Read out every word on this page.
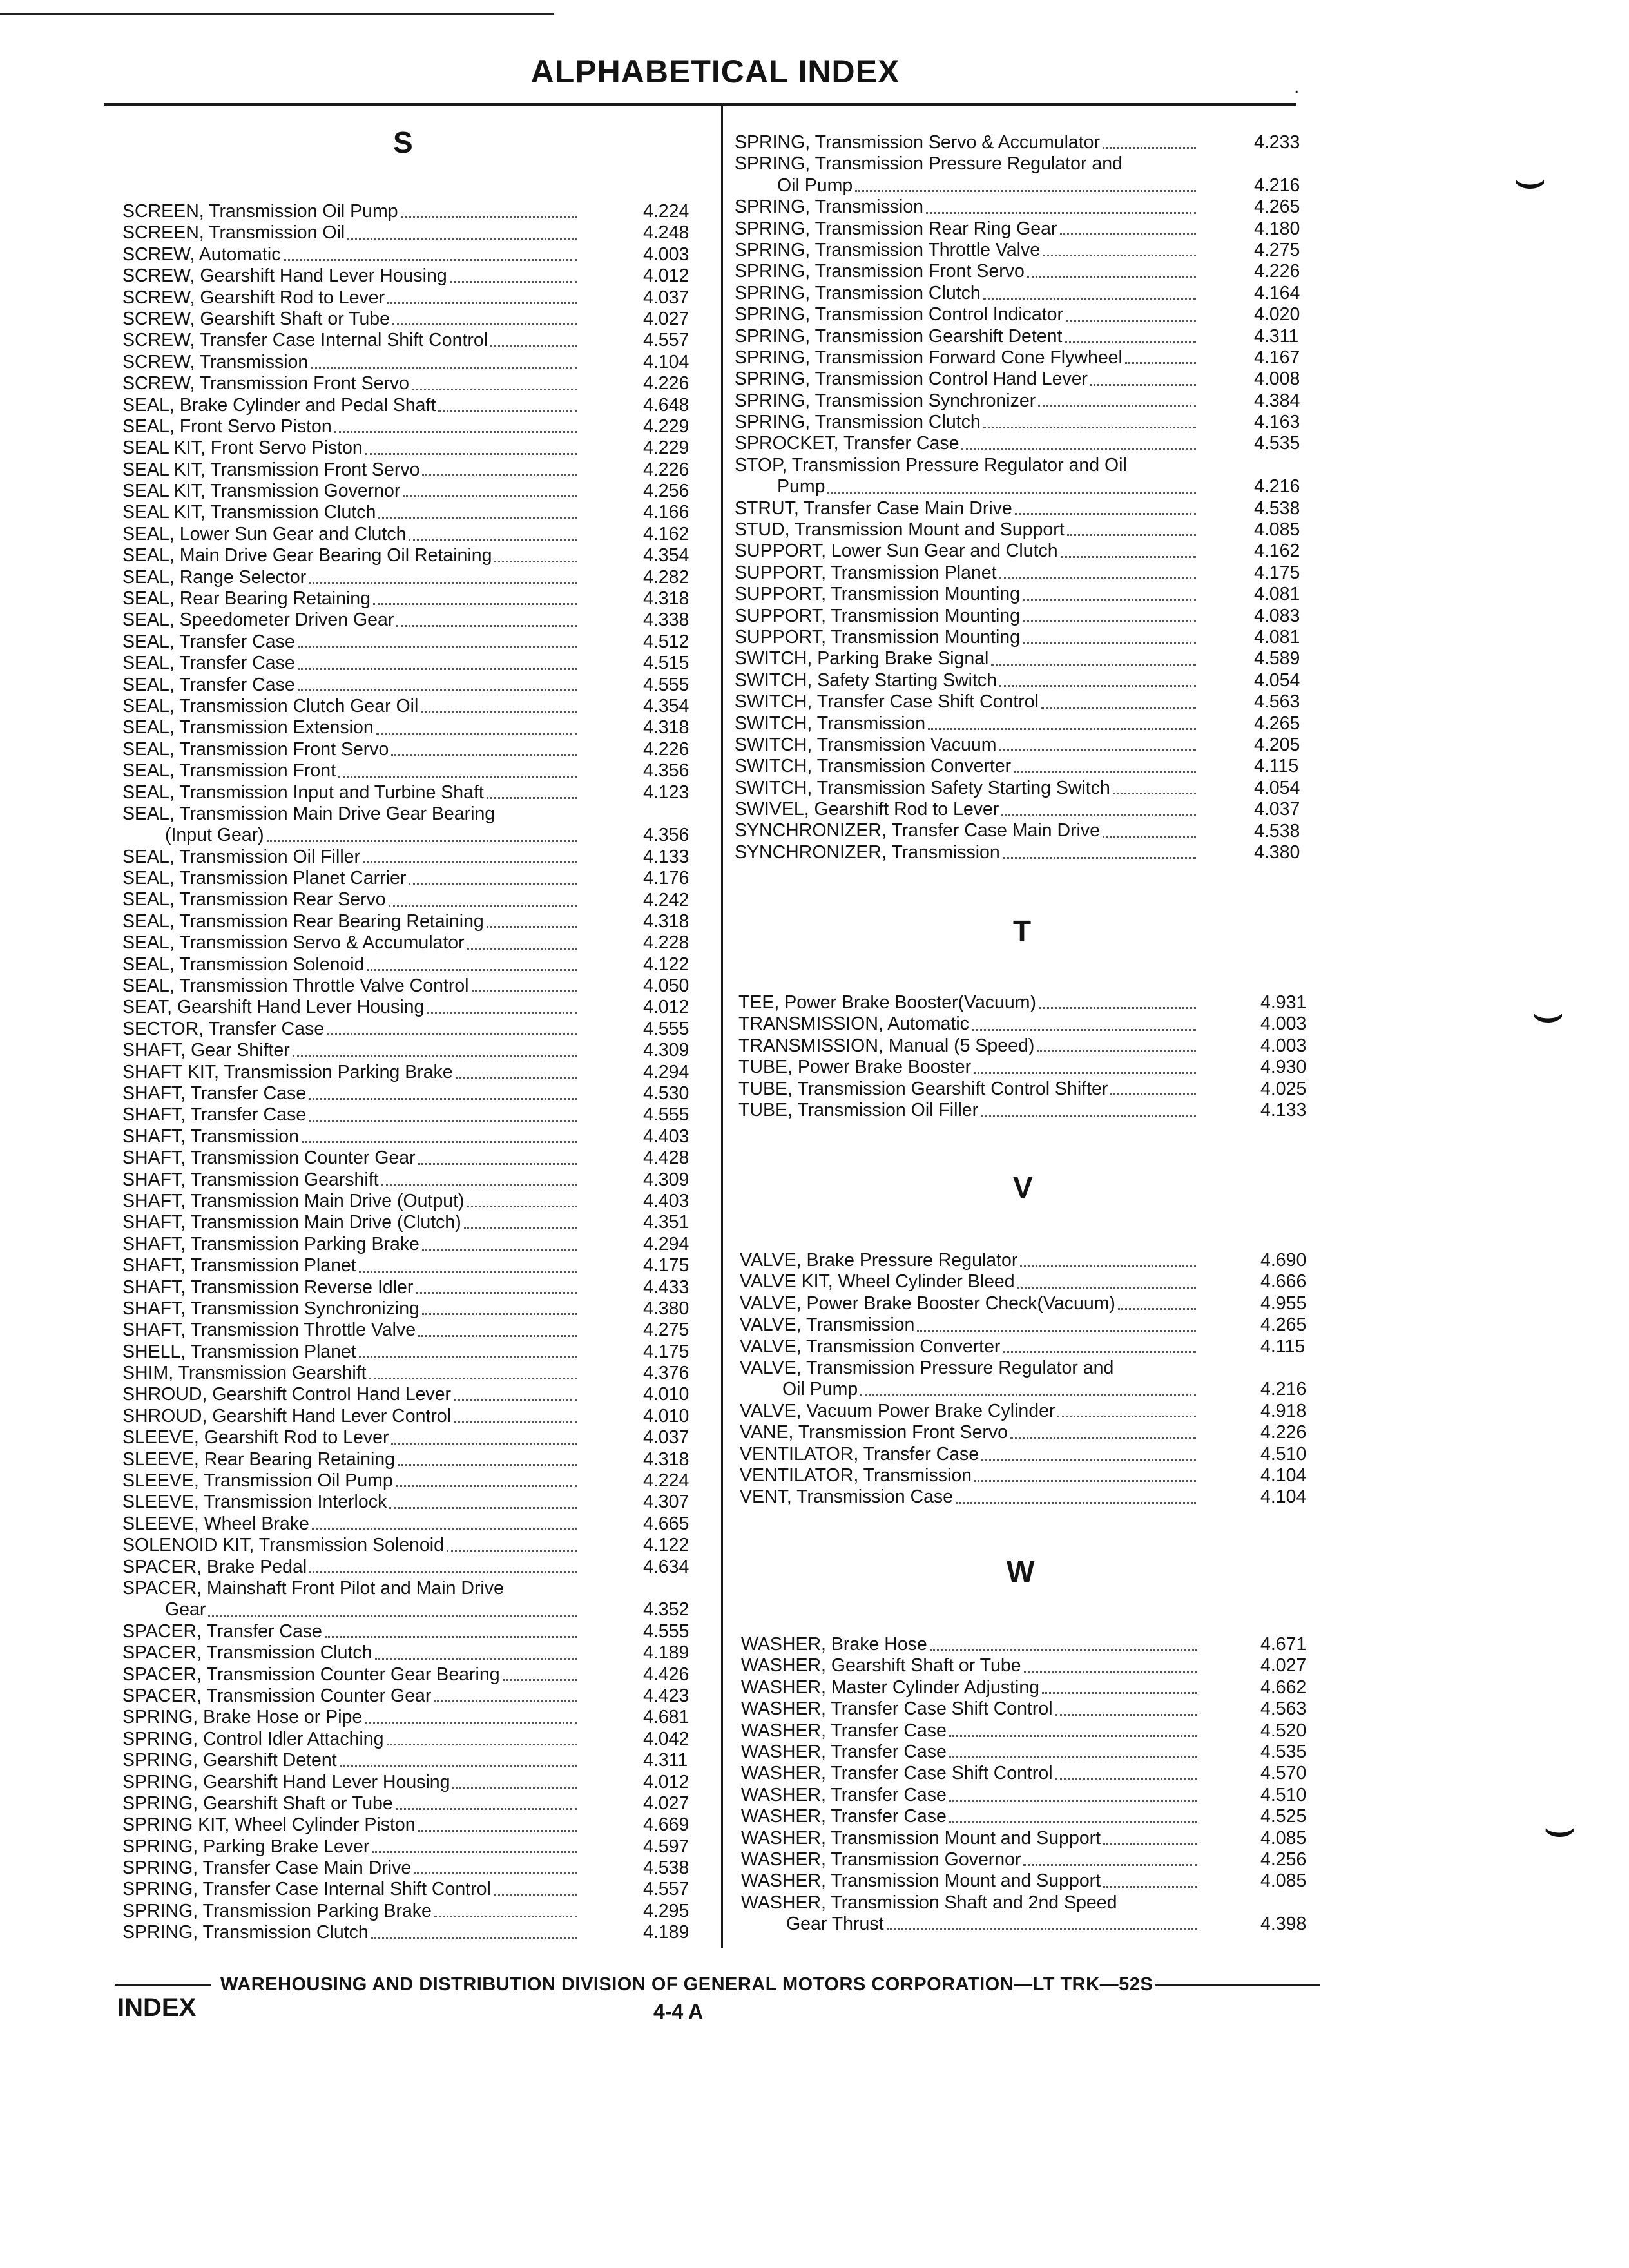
ALPHABETICAL INDEX	.
S
T
V
W
SCREEN, Transmission Oil Pump
SCREEN, Transmission Oil
SCREW, Automatic
SCREW, Gearshift Hand Lever Housing
SCREW, Gearshift Rod to Lever
SCREW, Gearshift Shaft or Tube
SCREW, Transfer Case Internal Shift Control
SCREW, Transmission
SCREW, Transmission Front Servo
SEAL, Brake Cylinder and Pedal Shaft
SEAL, Front Servo Piston
SEAL KIT, Front Servo Piston
SEAL KIT, Transmission Front Servo
SEAL KIT, Transmission Governor
SEAL KIT, Transmission Clutch
SEAL, Lower Sun Gear and Clutch
SEAL, Main Drive Gear Bearing Oil Retaining
SEAL, Range Selector
SEAL, Rear Bearing Retaining
SEAL, Speedometer Driven Gear
SEAL, Transfer Case
SEAL, Transfer Case
SEAL, Transfer Case
SEAL, Transmission Clutch Gear Oil
SEAL, Transmission Extension
SEAL, Transmission Front Servo
SEAL, Transmission Front
SEAL, Transmission Input and Turbine Shaft
SEAL, Transmission Main Drive Gear Bearing
(Input Gear)
SEAL, Transmission Oil Filler
SEAL, Transmission Planet Carrier
SEAL, Transmission Rear Servo
SEAL, Transmission Rear Bearing Retaining
SEAL, Transmission Servo & Accumulator
SEAL, Transmission Solenoid
SEAL, Transmission Throttle Valve Control
SEAT, Gearshift Hand Lever Housing
SECTOR, Transfer Case
SHAFT, Gear Shifter
SHAFT KIT, Transmission Parking Brake
SHAFT, Transfer Case
SHAFT, Transfer Case
SHAFT, Transmission
SHAFT, Transmission Counter Gear
SHAFT, Transmission Gearshift
SHAFT, Transmission Main Drive (Output)
SHAFT, Transmission Main Drive (Clutch)
SHAFT, Transmission Parking Brake
SHAFT, Transmission Planet
SHAFT, Transmission Reverse Idler
SHAFT, Transmission Synchronizing
SHAFT, Transmission Throttle Valve
SHELL, Transmission Planet
SHIM, Transmission Gearshift
SHROUD, Gearshift Control Hand Lever
SHROUD, Gearshift Hand Lever Control
SLEEVE, Gearshift Rod to Lever
SLEEVE, Rear Bearing Retaining
SLEEVE, Transmission Oil Pump
SLEEVE, Transmission Interlock
SLEEVE, Wheel Brake
SOLENOID KIT, Transmission Solenoid
SPACER, Brake Pedal
SPACER, Mainshaft Front Pilot and Main Drive
Gear
SPACER, Transfer Case
SPACER, Transmission Clutch
SPACER, Transmission Counter Gear Bearing
SPACER, Transmission Counter Gear
SPRING, Brake Hose or Pipe
SPRING, Control Idler Attaching
SPRING, Gearshift Detent
SPRING, Gearshift Hand Lever Housing
SPRING, Gearshift Shaft or Tube
SPRING KIT, Wheel Cylinder Piston
SPRING, Parking Brake Lever
SPRING, Transfer Case Main Drive
SPRING, Transfer Case Internal Shift Control
SPRING, Transmission Parking Brake
SPRING, Transmission Clutch
4.224
4.248
4.003
4.012
4.037
4.027
4.557
4.104
4.226
4.648
4.229
4.229
4.226
4.256
4.166
4.162
4.354
4.282
4.318
4.338
4.512
4.515
4.555
4.354
4.318
4.226
4.356
4.123
4.356
4.133
4.176
4.242
4.318
4.228
4.122
4.050
4.012
4.555
4.309
4.294
4.530
4.555
4.403
4.428
4.309
4.403
4.351
4.294
4.175
4.433
4.380
4.275
4.175
4.376
4.010
4.010
4.037
4.318
4.224
4.307
4.665
4.122
4.634
4.352
4.555
4.189
4.426
4.423
4.681
4.042
4.311
4.012
4.027
4.669
4.597
4.538
4.557
4.295
4.189
SPRING, Transmission Servo & Accumulator
SPRING, Transmission Pressure Regulator and
Oil Pump
SPRING, Transmission
SPRING, Transmission Rear Ring Gear
SPRING, Transmission Throttle Valve
SPRING, Transmission Front Servo
SPRING, Transmission Clutch
SPRING, Transmission Control Indicator
SPRING, Transmission Gearshift Detent
SPRING, Transmission Forward Cone Flywheel
SPRING, Transmission Control Hand Lever
SPRING, Transmission Synchronizer
SPRING, Transmission Clutch
SPROCKET, Transfer Case
STOP, Transmission Pressure Regulator and Oil
Pump
STRUT, Transfer Case Main Drive
STUD, Transmission Mount and Support
SUPPORT, Lower Sun Gear and Clutch
SUPPORT, Transmission Planet
SUPPORT, Transmission Mounting
SUPPORT, Transmission Mounting
SUPPORT, Transmission Mounting
SWITCH, Parking Brake Signal
SWITCH, Safety Starting Switch
SWITCH, Transfer Case Shift Control
SWITCH, Transmission
SWITCH, Transmission Vacuum
SWITCH, Transmission Converter
SWITCH, Transmission Safety Starting Switch
SWIVEL, Gearshift Rod to Lever
SYNCHRONIZER, Transfer Case Main Drive
SYNCHRONIZER, Transmission
4.233
4.216
4.265
4.180
4.275
4.226
4.164
4.020
4.311
4.167
4.008
4.384
4.163
4.535
4.216
4.538
4.085
4.162
4.175
4.081
4.083
4.081
4.589
4.054
4.563
4.265
4.205
4.115
4.054
4.037
4.538
4.380
TEE, Power Brake Booster(Vacuum)
TRANSMISSION, Automatic
TRANSMISSION, Manual (5 Speed)
TUBE, Power Brake Booster
TUBE, Transmission Gearshift Control Shifter
TUBE, Transmission Oil Filler
4.931
4.003
4.003
4.930
4.025
4.133
VALVE, Brake Pressure Regulator
VALVE KIT, Wheel Cylinder Bleed
VALVE, Power Brake Booster Check(Vacuum)
VALVE, Transmission
VALVE, Transmission Converter
VALVE, Transmission Pressure Regulator and
Oil Pump
VALVE, Vacuum Power Brake Cylinder
VANE, Transmission Front Servo
VENTILATOR, Transfer Case
VENTILATOR, Transmission
VENT, Transmission Case
4.690
4.666
4.955
4.265
4.115
4.216
4.918
4.226
4.510
4.104
4.104
WASHER, Brake Hose
WASHER, Gearshift Shaft or Tube
WASHER, Master Cylinder Adjusting
WASHER, Transfer Case Shift Control
WASHER, Transfer Case
WASHER, Transfer Case
WASHER, Transfer Case Shift Control
WASHER, Transfer Case
WASHER, Transfer Case
WASHER, Transmission Mount and Support
WASHER, Transmission Governor
WASHER, Transmission Mount and Support
WASHER, Transmission Shaft and 2nd Speed
Gear Thrust
4.671
4.027
4.662
4.563
4.520
4.535
4.570
4.510
4.525
4.085
4.256
4.085
4.398
WAREHOUSING AND DISTRIBUTION DIVISION OF GENERAL MOTORS CORPORATION—LT TRK—52S
INDEX	4-4 A
⌣
⌣
⌣
